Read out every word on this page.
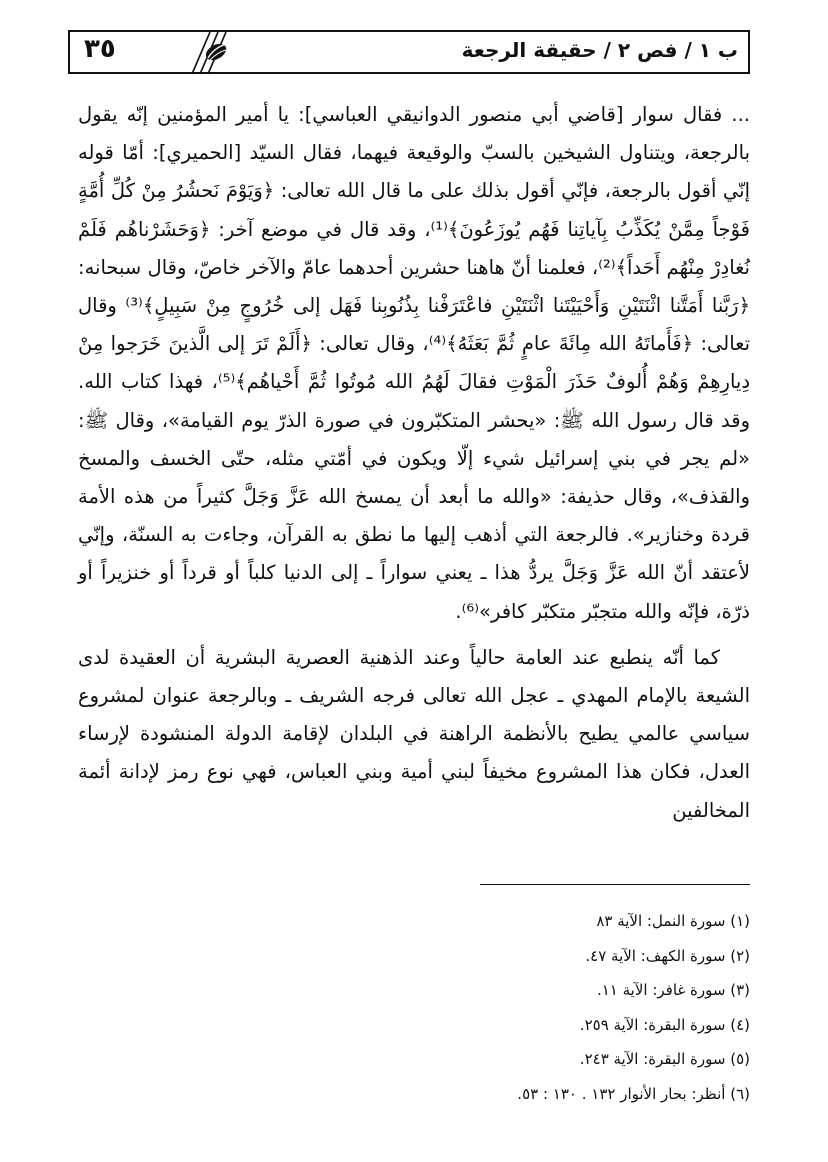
٣٥	ب ١ / فص ٢ / حقيقة الرجعة

... فقال سوار [قاضي أبي منصور الدوانيقي العباسي]: يا أمير المؤمنين إنّه يقول بالرجعة، ويتناول الشيخين بالسبّ والوقيعة فيهما، فقال السيّد [الحميري]: أمّا قوله إنّي أقول بالرجعة، فإنّي أقول بذلك على ما قال الله تعالى: ﴿وَيَوْمَ نَحشُرُ مِنْ كُلِّ أُمَّةٍ فَوْجاً مِمَّنْ يُكَذِّبُ بِآياتِنا فَهُم يُوزَعُونَ﴾⁽¹⁾، وقد قال في موضع آخر: ﴿وَحَشَرْناهُم فَلَمْ نُغادِرْ مِنْهُم أَحَداً﴾⁽²⁾، فعلمنا أنّ هاهنا حشرين أحدهما عامّ والآخر خاصّ، وقال سبحانه: ﴿رَبَّنا أَمَتَّنا اثْنَتَيْنِ وَأَحْيَيْتَنا اثْنَتَيْنِ فاعْتَرَفْنا بِذُنُوبِنا فَهَل إلى خُرُوجٍ مِنْ سَبِيلٍ﴾⁽³⁾ وقال تعالى: ﴿فَأَماتَهُ الله مِائَةَ عامٍ ثُمَّ بَعَثَهُ﴾⁽⁴⁾، وقال تعالى: ﴿أَلَمْ تَرَ إلى الَّذينَ خَرَجوا مِنْ دِيارِهِمْ وَهُمْ أُلوفٌ حَذَرَ الْمَوْتِ فقالَ لَهُمُ الله مُوتُوا ثُمَّ أَحْياهُم﴾⁽⁵⁾، فهذا كتاب الله. وقد قال رسول الله ﷺ: «يحشر المتكبّرون في صورة الذرّ يوم القيامة»، وقال ﷺ: «لم يجر في بني إسرائيل شيء إلّا ويكون في أمّتي مثله، حتّى الخسف والمسخ والقذف»، وقال حذيفة: «والله ما أبعد أن يمسخ الله عَزَّ وَجَلَّ كثيراً من هذه الأمة قردة وخنازير». فالرجعة التي أذهب إليها ما نطق به القرآن، وجاءت به السنّة، وإنّي لأعتقد أنّ الله عَزَّ وَجَلَّ يردُّ هذا ـ يعني سواراً ـ إلى الدنيا كلباً أو قرداً أو خنزيراً أو ذرّة، فإنّه والله متجبّر متكبّر كافر»⁽⁶⁾.

كما أنّه ينطبع عند العامة حالياً وعند الذهنية العصرية البشرية أن العقيدة لدى الشيعة بالإمام المهدي ـ عجل الله تعالى فرجه الشريف ـ وبالرجعة عنوان لمشروع سياسي عالمي يطيح بالأنظمة الراهنة في البلدان لإقامة الدولة المنشودة لإرساء العدل، فكان هذا المشروع مخيفاً لبني أمية وبني العباس، فهي نوع رمز لإدانة أئمة المخالفين

(١) سورة النمل: الآية ٨٣
(٢) سورة الكهف: الآية ٤٧.
(٣) سورة غافر: الآية ١١.
(٤) سورة البقرة: الآية ٢٥٩.
(٥) سورة البقرة: الآية ٢٤٣.
(٦) أنظر: بحار الأنوار ١٣٢ . ١٣٠ : ٥٣.
